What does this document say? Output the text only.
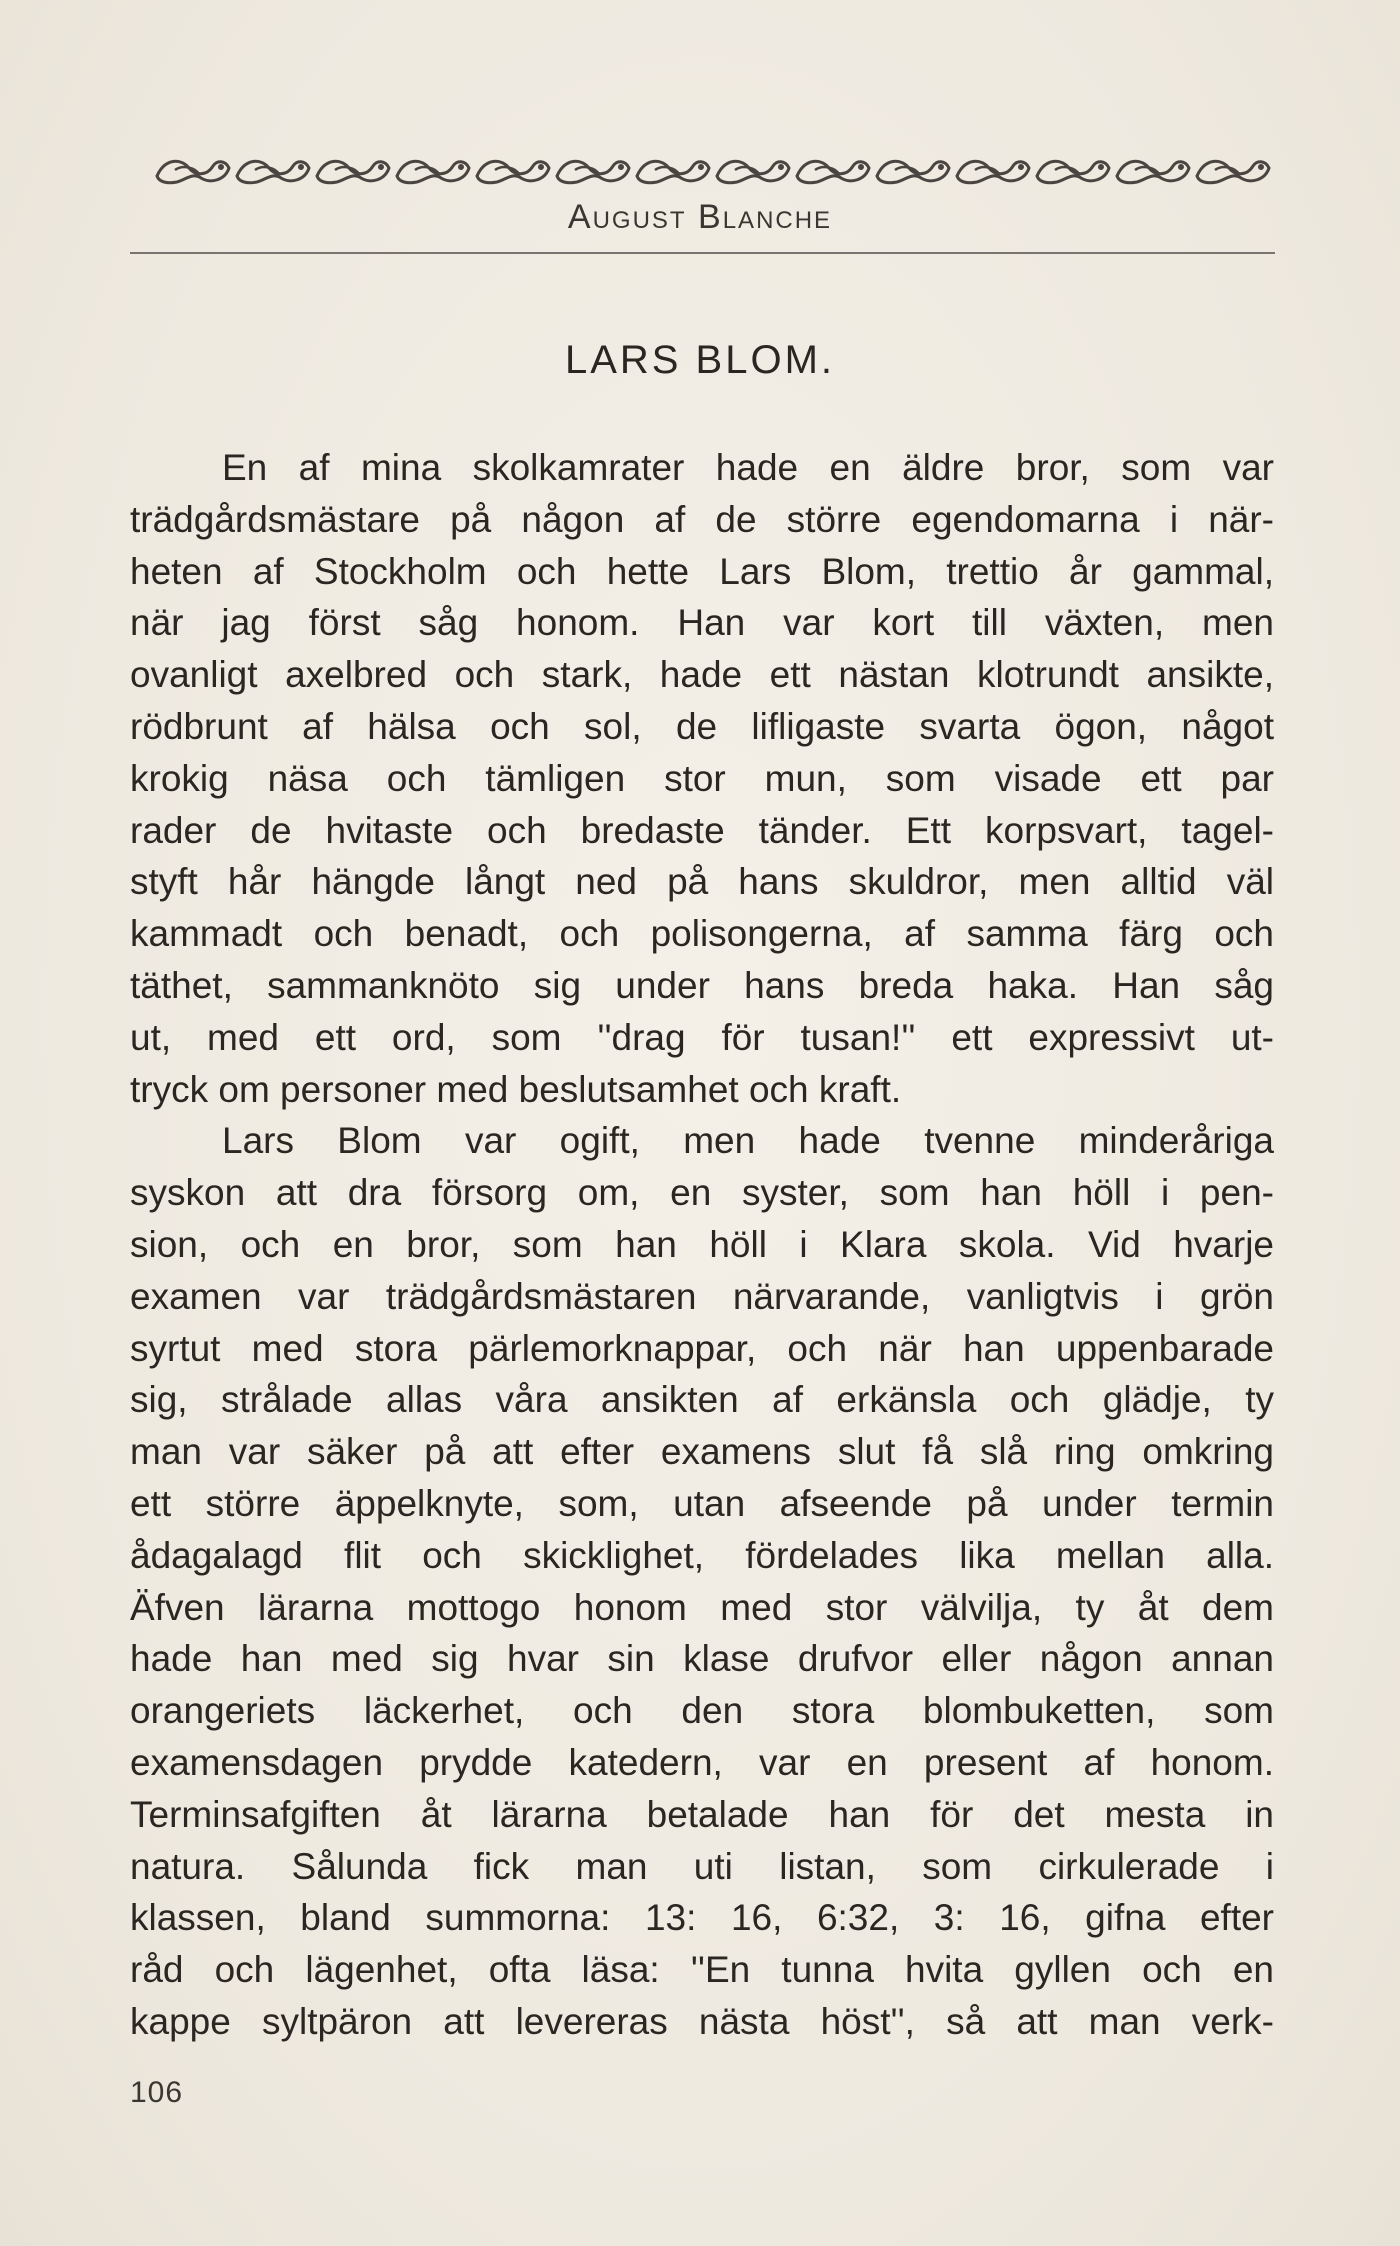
August Blanche
LARS BLOM.
En af mina skolkamrater hade en äldre bror, som var
trädgårdsmästare på någon af de större egendomarna i när-
heten af Stockholm och hette Lars Blom, trettio år gammal,
när jag först såg honom. Han var kort till växten, men
ovanligt axelbred och stark, hade ett nästan klotrundt ansikte,
rödbrunt af hälsa och sol, de lifligaste svarta ögon, något
krokig näsa och tämligen stor mun, som visade ett par
rader de hvitaste och bredaste tänder. Ett korpsvart, tagel-
styft hår hängde långt ned på hans skuldror, men alltid väl
kammadt och benadt, och polisongerna, af samma färg och
täthet, sammanknöto sig under hans breda haka. Han såg
ut, med ett ord, som ''drag för tusan!'' ett expressivt ut-
tryck om personer med beslutsamhet och kraft.
Lars Blom var ogift, men hade tvenne minderåriga
syskon att dra försorg om, en syster, som han höll i pen-
sion, och en bror, som han höll i Klara skola. Vid hvarje
examen var trädgårdsmästaren närvarande, vanligtvis i grön
syrtut med stora pärlemorknappar, och när han uppenbarade
sig, strålade allas våra ansikten af erkänsla och glädje, ty
man var säker på att efter examens slut få slå ring omkring
ett större äppelknyte, som, utan afseende på under termin
ådagalagd flit och skicklighet, fördelades lika mellan alla.
Äfven lärarna mottogo honom med stor välvilja, ty åt dem
hade han med sig hvar sin klase drufvor eller någon annan
orangeriets läckerhet, och den stora blombuketten, som
examensdagen prydde katedern, var en present af honom.
Terminsafgiften åt lärarna betalade han för det mesta in
natura. Sålunda fick man uti listan, som cirkulerade i
klassen, bland summorna: 13: 16, 6:32, 3: 16, gifna efter
råd och lägenhet, ofta läsa: ''En tunna hvita gyllen och en
kappe syltpäron att levereras nästa höst'', så att man verk-
106
